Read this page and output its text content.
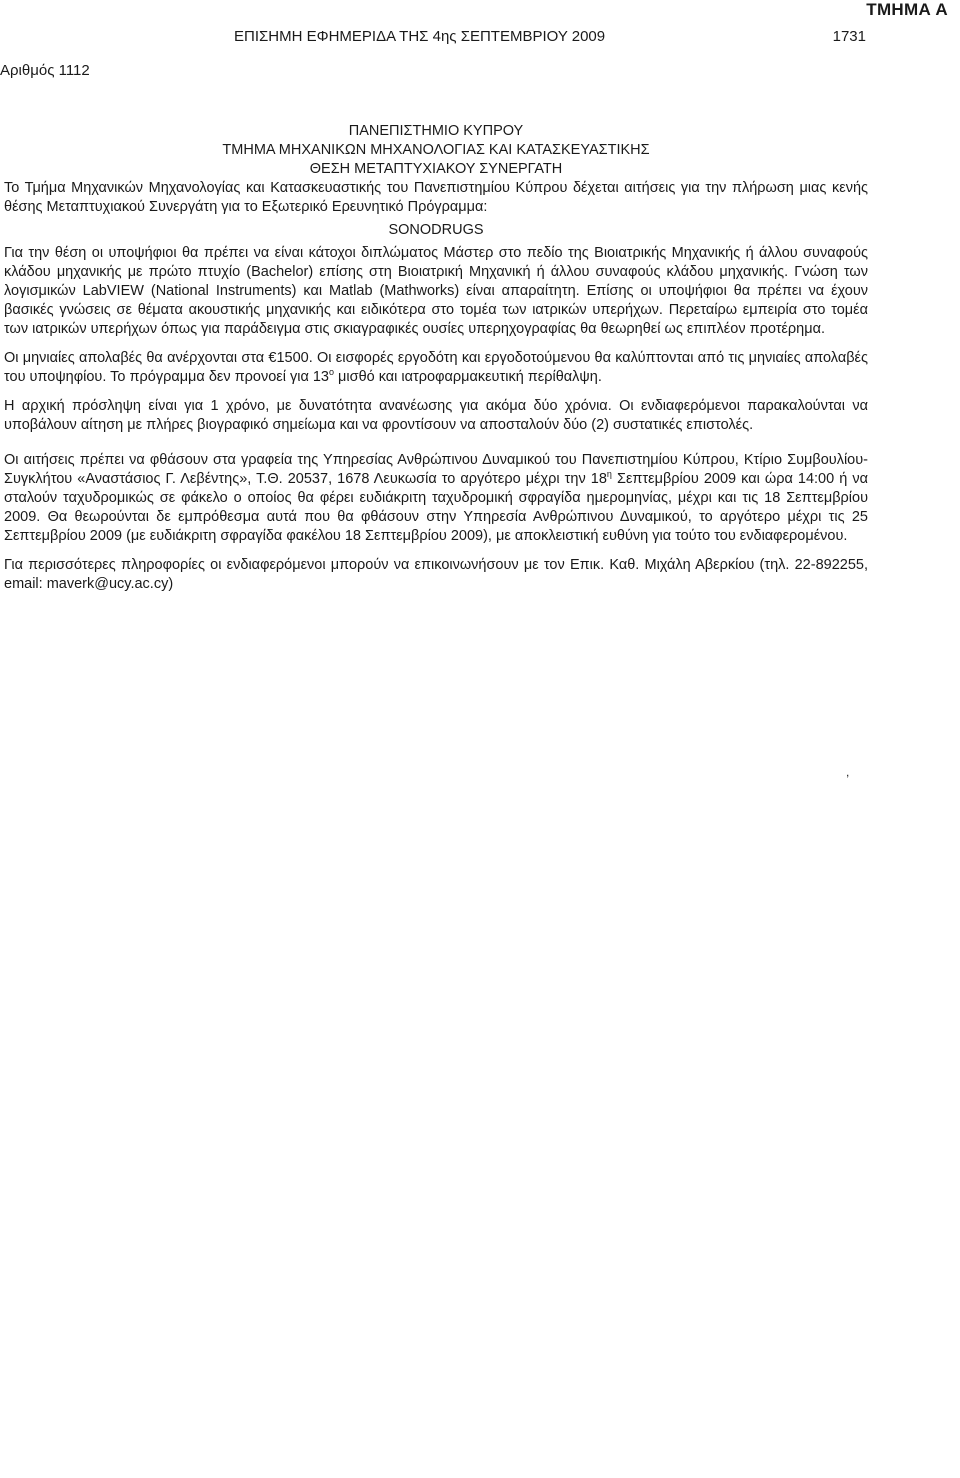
ΤΜΗΜΑ Α
ΕΠΙΣΗΜΗ ΕΦΗΜΕΡΙΔΑ ΤΗΣ 4ης ΣΕΠΤΕΜΒΡΙΟΥ 2009	1731
Αριθμός 1112
ΠΑΝΕΠΙΣΤΗΜΙΟ ΚΥΠΡΟΥ
ΤΜΗΜΑ ΜΗΧΑΝΙΚΩΝ ΜΗΧΑΝΟΛΟΓΙΑΣ ΚΑΙ ΚΑΤΑΣΚΕΥΑΣΤΙΚΗΣ
ΘΕΣΗ ΜΕΤΑΠΤΥΧΙΑΚΟΥ ΣΥΝΕΡΓΑΤΗ

Το Τμήμα Μηχανικών Μηχανολογίας και Κατασκευαστικής του Πανεπιστημίου Κύπρου δέχεται αιτήσεις για την πλήρωση μιας κενής θέσης Μεταπτυχιακού Συνεργάτη για το Εξωτερικό Ερευνητικό Πρόγραμμα:

SONODRUGS

Για την θέση οι υποψήφιοι θα πρέπει να είναι κάτοχοι διπλώματος Μάστερ στο πεδίο της Βιοιατρικής Μηχανικής ή άλλου συναφούς κλάδου μηχανικής με πρώτο πτυχίο (Bachelor) επίσης στη Βιοιατρική Μηχανική ή άλλου συναφούς κλάδου μηχανικής. Γνώση των λογισμικών LabVIEW (National Instruments) και Matlab (Mathworks) είναι απαραίτητη. Επίσης οι υποψήφιοι θα πρέπει να έχουν βασικές γνώσεις σε θέματα ακουστικής μηχανικής και ειδικότερα στο τομέα των ιατρικών υπερήχων. Περεταίρω εμπειρία στο τομέα των ιατρικών υπερήχων όπως για παράδειγμα στις σκιαγραφικές ουσίες υπερηχογραφίας θα θεωρηθεί ως επιπλέον προτέρημα.

Οι μηνιαίες απολαβές θα ανέρχονται στα €1500. Οι εισφορές εργοδότη και εργοδοτούμενου θα καλύπτονται από τις μηνιαίες απολαβές του υποψηφίου. Το πρόγραμμα δεν προνοεί για $13^o$ μισθό και ιατροφαρμακευτική περίθαλψη.

Η αρχική πρόσληψη είναι για 1 χρόνο, με δυνατότητα ανανέωσης για ακόμα δύο χρόνια. Οι ενδιαφερόμενοι παρακαλούνται να υποβάλουν αίτηση με πλήρες βιογραφικό σημείωμα και να φροντίσουν να αποσταλούν δύο (2) συστατικές επιστολές.

Οι αιτήσεις πρέπει να φθάσουν στα γραφεία της Υπηρεσίας Ανθρώπινου Δυναμικού του Πανεπιστημίου Κύπρου, Κτίριο Συμβουλίου-Συγκλήτου «Αναστάσιος Γ. Λεβέντης», Τ.Θ. 20537, 1678 Λευκωσία το αργότερο μέχρι την $18^\eta$ Σεπτεμβρίου 2009 και ώρα 14:00 ή να σταλούν ταχυδρομικώς σε φάκελο ο οποίος θα φέρει ευδιάκριτη ταχυδρομική σφραγίδα ημερομηνίας, μέχρι και τις 18 Σεπτεμβρίου 2009. Θα θεωρούνται δε εμπρόθεσμα αυτά που θα φθάσουν στην Υπηρεσία Ανθρώπινου Δυναμικού, το αργότερο μέχρι τις 25 Σεπτεμβρίου 2009 (με ευδιάκριτη σφραγίδα φακέλου 18 Σεπτεμβρίου 2009), με αποκλειστική ευθύνη για τούτο του ενδιαφερομένου.

Για περισσότερες πληροφορίες οι ενδιαφερόμενοι μπορούν να επικοινωνήσουν με τον Επικ. Καθ. Μιχάλη Αβερκίου (τηλ. 22-892255, email: maverk@ucy.ac.cy)

,
